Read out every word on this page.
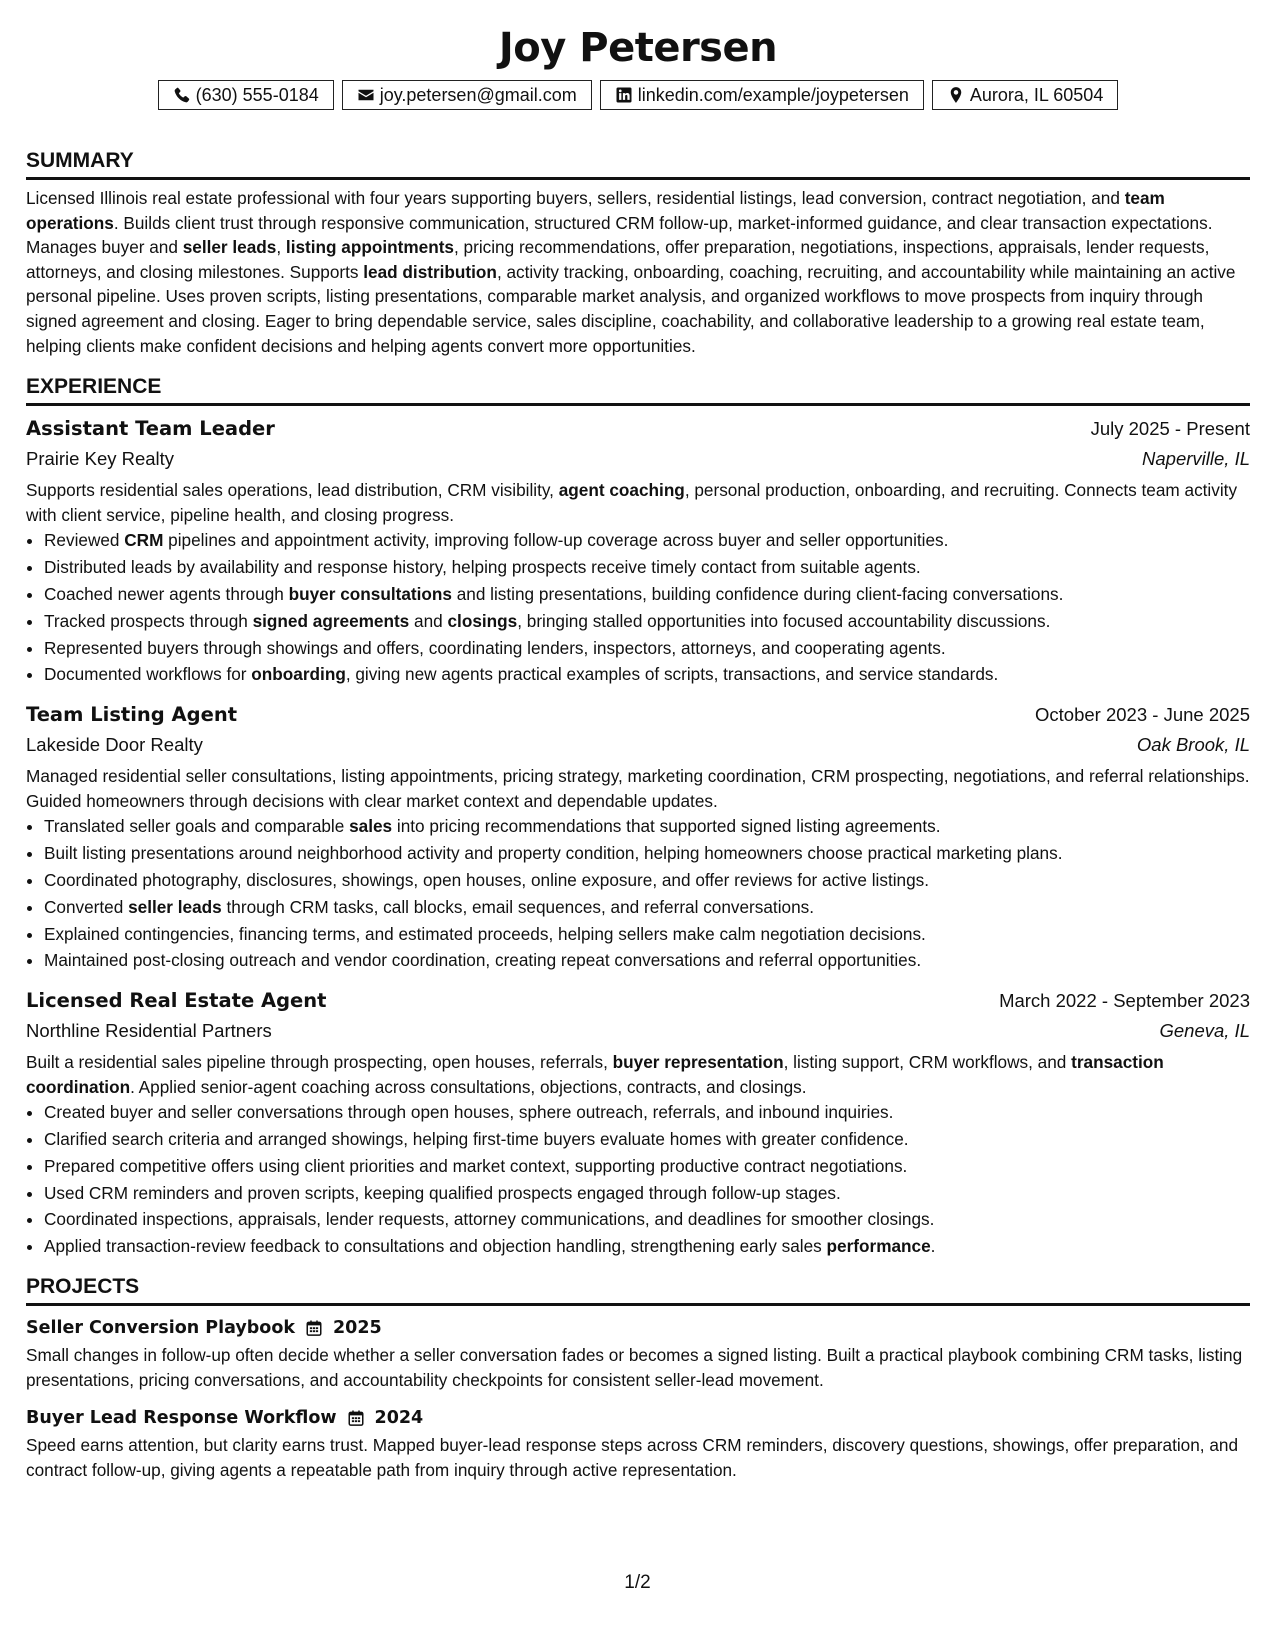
Joy Petersen
(630) 555-0184	joy.petersen@gmail.com	linkedin.com/example/joypetersen	Aurora, IL 60504
SUMMARY

Licensed Illinois real estate professional with four years supporting buyers, sellers, residential listings, lead conversion, contract negotiation, and team operations. Builds client trust through responsive communication, structured CRM follow-up, market-informed guidance, and clear transaction expectations. Manages buyer and seller leads, listing appointments, pricing recommendations, offer preparation, negotiations, inspections, appraisals, lender requests, attorneys, and closing milestones. Supports lead distribution, activity tracking, onboarding, coaching, recruiting, and accountability while maintaining an active personal pipeline. Uses proven scripts, listing presentations, comparable market analysis, and organized workflows to move prospects from inquiry through signed agreement and closing. Eager to bring dependable service, sales discipline, coachability, and collaborative leadership to a growing real estate team, helping clients make confident decisions and helping agents convert more opportunities.

EXPERIENCE
Assistant Team Leader	July 2025 - Present
Prairie Key Realty	Naperville, IL

Supports residential sales operations, lead distribution, CRM visibility, agent coaching, personal production, onboarding, and recruiting. Connects team activity with client service, pipeline health, and closing progress.

• Reviewed CRM pipelines and appointment activity, improving follow-up coverage across buyer and seller opportunities.
• Distributed leads by availability and response history, helping prospects receive timely contact from suitable agents.
• Coached newer agents through buyer consultations and listing presentations, building confidence during client-facing conversations.
• Tracked prospects through signed agreements and closings, bringing stalled opportunities into focused accountability discussions.
• Represented buyers through showings and offers, coordinating lenders, inspectors, attorneys, and cooperating agents.
• Documented workflows for onboarding, giving new agents practical examples of scripts, transactions, and service standards.
Team Listing Agent	October 2023 - June 2025
Lakeside Door Realty	Oak Brook, IL

Managed residential seller consultations, listing appointments, pricing strategy, marketing coordination, CRM prospecting, negotiations, and referral relationships. Guided homeowners through decisions with clear market context and dependable updates.

• Translated seller goals and comparable sales into pricing recommendations that supported signed listing agreements.
• Built listing presentations around neighborhood activity and property condition, helping homeowners choose practical marketing plans.
• Coordinated photography, disclosures, showings, open houses, online exposure, and offer reviews for active listings.
• Converted seller leads through CRM tasks, call blocks, email sequences, and referral conversations.
• Explained contingencies, financing terms, and estimated proceeds, helping sellers make calm negotiation decisions.
• Maintained post-closing outreach and vendor coordination, creating repeat conversations and referral opportunities.
Licensed Real Estate Agent	March 2022 - September 2023
Northline Residential Partners	Geneva, IL

Built a residential sales pipeline through prospecting, open houses, referrals, buyer representation, listing support, CRM workflows, and transaction coordination. Applied senior-agent coaching across consultations, objections, contracts, and closings.

• Created buyer and seller conversations through open houses, sphere outreach, referrals, and inbound inquiries.
• Clarified search criteria and arranged showings, helping first-time buyers evaluate homes with greater confidence.
• Prepared competitive offers using client priorities and market context, supporting productive contract negotiations.
• Used CRM reminders and proven scripts, keeping qualified prospects engaged through follow-up stages.
• Coordinated inspections, appraisals, lender requests, attorney communications, and deadlines for smoother closings.
• Applied transaction-review feedback to consultations and objection handling, strengthening early sales performance.
PROJECTS
Seller Conversion Playbook 2025

Small changes in follow-up often decide whether a seller conversation fades or becomes a signed listing. Built a practical playbook combining CRM tasks, listing presentations, pricing conversations, and accountability checkpoints for consistent seller-lead movement.

Buyer Lead Response Workflow 2024

Speed earns attention, but clarity earns trust. Mapped buyer-lead response steps across CRM reminders, discovery questions, showings, offer preparation, and contract follow-up, giving agents a repeatable path from inquiry through active representation.

1/2
